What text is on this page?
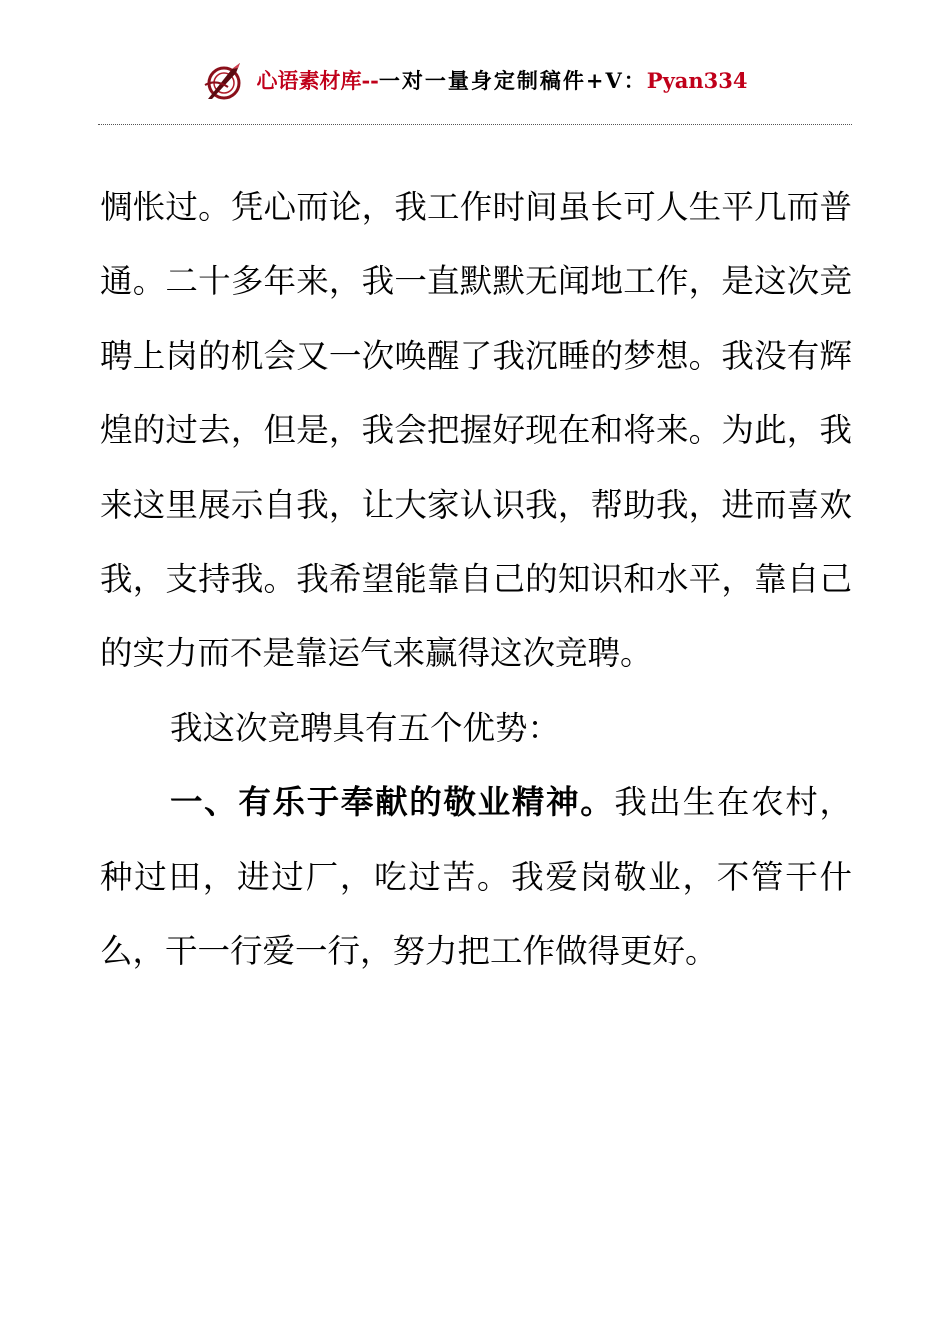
心语素材库--一对一量身定制稿件+V：Pyan334

惆怅过。凭心而论，我工作时间虽长可人生平几而普通。二十多年来，我一直默默无闻地工作，是这次竞聘上岗的机会又一次唤醒了我沉睡的梦想。我没有辉煌的过去，但是，我会把握好现在和将来。为此，我来这里展示自我，让大家认识我，帮助我，进而喜欢我，支持我。我希望能靠自己的知识和水平，靠自己的实力而不是靠运气来赢得这次竞聘。

我这次竞聘具有五个优势：

一、有乐于奉献的敬业精神。我出生在农村，种过田，进过厂，吃过苦。我爱岗敬业，不管干什么，干一行爱一行，努力把工作做得更好。
